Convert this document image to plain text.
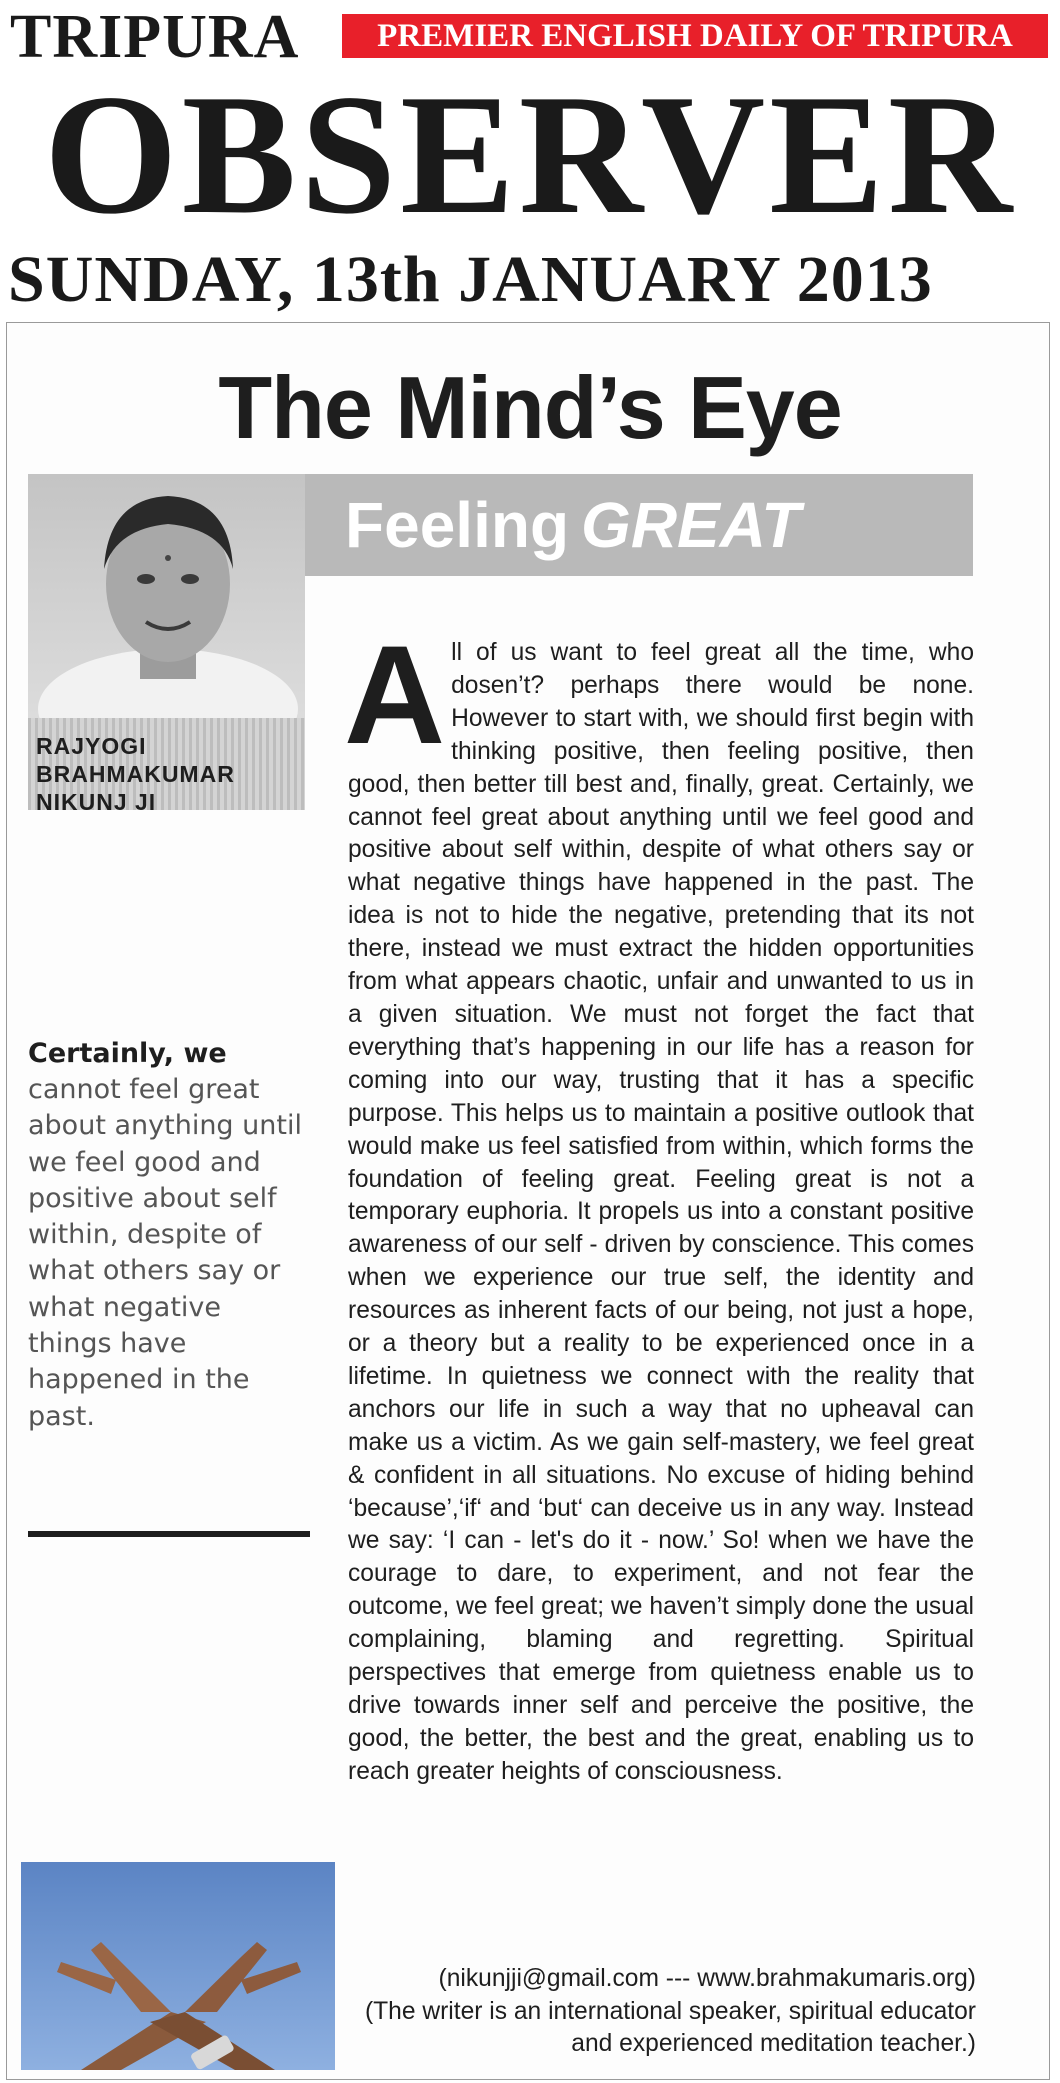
TRIPURA	PREMIER ENGLISH DAILY OF TRIPURA
OBSERVER
SUNDAY, 13th JANUARY 2013
The Mind’s Eye
Feeling GREAT
RAJYOGI BRAHMAKUMAR NIKUNJ JI
Certainly, we
cannot feel great about anything until we feel good and positive about self within, despite of what others say or what negative things have happened in the past.
All of us want to feel great all the time, who dosen’t? perhaps there would be none. However to start with, we should first begin with thinking positive, then feeling positive, then good, then better till best and, finally, great. Certainly, we cannot feel great about anything until we feel good and positive about self within, despite of what others say or what negative things have happened in the past. The idea is not to hide the negative, pretending that its not there, instead we must extract the hidden opportunities from what appears chaotic, unfair and unwanted to us in a given situation. We must not forget the fact that everything that’s happening in our life has a reason for coming into our way, trusting that it has a specific purpose. This helps us to maintain a positive outlook that would make us feel satisfied from within, which forms the foundation of feeling great. Feeling great is not a temporary euphoria. It propels us into a constant positive awareness of our self - driven by conscience. This comes when we experience our true self, the identity and resources as inherent facts of our being, not just a hope, or a theory but a reality to be experienced once in a lifetime. In quietness we connect with the reality that anchors our life in such a way that no upheaval can make us a victim. As we gain self-mastery, we feel great & confident in all situations. No excuse of hiding behind ‘because’,‘if‘ and ‘but‘ can deceive us in any way. Instead we say: ‘I can - let's do it - now.’ So! when we have the courage to dare, to experiment, and not fear the outcome, we feel great; we haven’t simply done the usual complaining, blaming and regretting. Spiritual perspectives that emerge from quietness enable us to drive towards inner self and perceive the positive, the good, the better, the best and the great, enabling us to reach greater heights of consciousness.
(nikunjji@gmail.com --- www.brahmakumaris.org)
(The writer is an international speaker, spiritual educator and experienced meditation teacher.)
